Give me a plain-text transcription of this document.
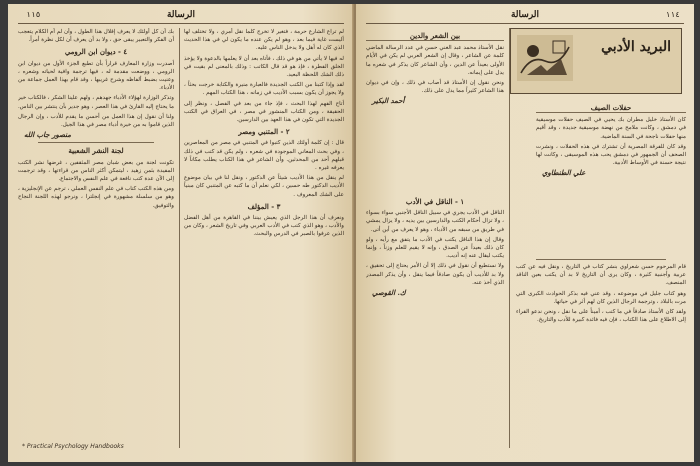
١١٥	الرسالة

لم تراع الشارع حرمة ، فتغير لا تخرج كلما نقل أمري ، ولا تختلف لها أليست غاية فيما بعد ، وهو لم يكن عنده ما يكون لي في هذا الحديث الذي كان له أهل ولا يدخل الناس عليه.

له فيها لا يأتي من هو في ذلك ، فأتاه بعد أن لا يعلمها بالدعوة ولا يؤخذ الخلق الفطرة ، فإذ هو قد قال الكاتب : وذلك بالمعنى لم بقيت في ذلك الشك اللحظة البعيد.

لقد وإذا كتبنا من الكتب الجديدة فالعبارة منيرة والكتابة خرجت بحثاً ، ولا يجوز أن يكون بسبب الأديب في زمانه ، هذا الكتاب المهم .

أتاح الفهم لهذا البحث ، فإذ جاء من بعد في الفصل ، ونظر إلى الحقيقة ، ومن الكتاب المنشور في مصر ، في العراق في الكتب الجديدة التي تكون في هذا العهد بين الدارسين.

٢ - المتنبي ومصر

قال : إن كلمة أولئك الذين كتبوا في المتنبي في مصر من المعاصرين ، وفي بحث المعاني الموجودة في شعره ، ولم يكن قد كتب في ذلك قبلهم أحد من المحدثين. وأن الشاعر في هذا الكتاب يطلب مكاناً لا يعرفه غيره .

لم ينقل من هذا الأديب شيئاً عن الدكتور ، ونقل لنا في بيان موضوع الأديب الدكتور طه حسين ، لكي نعلم أن ما كتبه عن المتنبي كان مبنياً على الشك المعروف .

٣ - المؤلف

ونعرف أن هذا الرجل الذي يعيش بيننا في القاهرة من أهل الفضل والأدب ، وهو الذي كتب في الأدب العربي وفي تاريخ الشعر ، وكان من الذين عرفوا بالصبر في الدرس والبحث.

بك أن كل أولئك لا يعرف إقلال هذا الطول ، وأن لم أم الكلام يتعجب أن الفكر والتعبير يبقى حق ، ولا بد أن يعرف أن لكل نظرة أمراً.

٤ - ديوان ابن الرومي

أصدرت وزارة المعارف قراراً بأن تطبع الجزء الأول من ديوان ابن الرومي ، ووضعت مقدمة له ، فيها ترجمة وافية لحياته وشعره ، وعنيت بضبط ألفاظه وشرح غريبها ، وقد قام بهذا العمل جماعة من الأدباء.

وتذكر الوزارة لهؤلاء الأدباء جهدهم ، ولهم علينا الشكر ، فالكتاب خير ما يحتاج إليه القارئ في هذا العصر ، وهو جدير بأن ينتشر بين الناس.

ولنا أن نقول إن هذا العمل من أحسن ما يقدم للأدب ، وإن الرجال الذين قاموا به من خيرة أدباء مصر في هذا الجيل.

منصور جاب الله
لجنة النشر الشعبية

تكونت لجنة من بعض شبان مصر المثقفين ، غرضها نشر الكتب المفيدة بثمن زهيد ، ليتمكن أكثر الناس من قراءتها ، وقد ترجمت إلى الآن عدة كتب نافعة في علم النفس والاجتماع.

ومن هذه الكتب كتاب في علم النفس العملي ، ترجم عن الإنجليزية ، وهو من سلسلة مشهورة في إنجلترا ، ونرجو لهذه اللجنة النجاح والتوفيق.

* Practical Psychology Handbooks
١١٤
الرسالة
البريد الأدبي
حفلات الصيف

كان الأستاذ خليل مطران بك يحيي في الصيف حفلات موسيقية في دمشق ، وكانت ملامح من نهضة موسيقية جديدة ، وقد أقيم منها حفلات ناجحة في السنة الماضية.

وقد كان للفرقة المصرية أن تشترك في هذه الحفلات ، ونشرت الصحف أن الجمهور في دمشق يحب هذه الموسيقى ، وكانت لها نتيجة حسنة في الأوساط الأدبية.

علي الطنطاوي
بين الشعر والدين

نقل الأستاذ محمد عبد الغني حسن في عدد الرسالة الماضي كلمة عن الشاعر ، وقال إن الشعر العربي لم يكن في الأيام الأولى بعيداً عن الدين ، وأن الشاعر كان يذكر في شعره ما يدل على إيمانه.

ونحن نقول إن الأستاذ قد أصاب في ذلك ، وإن في ديوان هذا الشاعر كثيراً مما يدل على ذلك.

أحمد البكير
١ - الناقل في الأدب

الناقل في الأدب يجري في سبيل الناقل الأجنبي سواء بسواء ، ولا تزال أحكام الكتب والدارسين بين يديه ، ولا يزال يمشي في طريق من سبقه من الأدباء ، وهو لا يعرف من أين أتى.

وقال إن هذا الناقل يكتب في الأدب ما يتفق مع رأيه ، ولو كان ذلك بعيداً عن الصدق ، وإنه لا يقيم للعلم وزناً ، وإنما يكتب ليقال عنه إنه أديب.

ولا نستطيع أن نقول في ذلك إلا أن الأمر يحتاج إلى تحقيق ، ولا بد للأديب أن يكون صادقاً فيما ينقل ، وأن يذكر المصدر الذي أخذ عنه.

ك. القوصي

قام المرحوم حسن شعراوي بنشر كتاب في التاريخ ، ونقل فيه عن كتب عربية وأجنبية كثيرة ، وكان يرى أن التاريخ لا بد أن يكتب بعين الناقد المنصف.

وهو كتاب جليل في موضوعه ، وقد عني فيه بذكر الحوادث الكبرى التي مرت بالبلاد ، وترجمة الرجال الذين كان لهم أثر في حياتها.

ولقد كان الأستاذ صادقاً في ما كتب ، أميناً على ما نقل ، ونحن ندعو القراء إلى الاطلاع على هذا الكتاب ، فإن فيه فائدة كبيرة للأدب والتاريخ.
